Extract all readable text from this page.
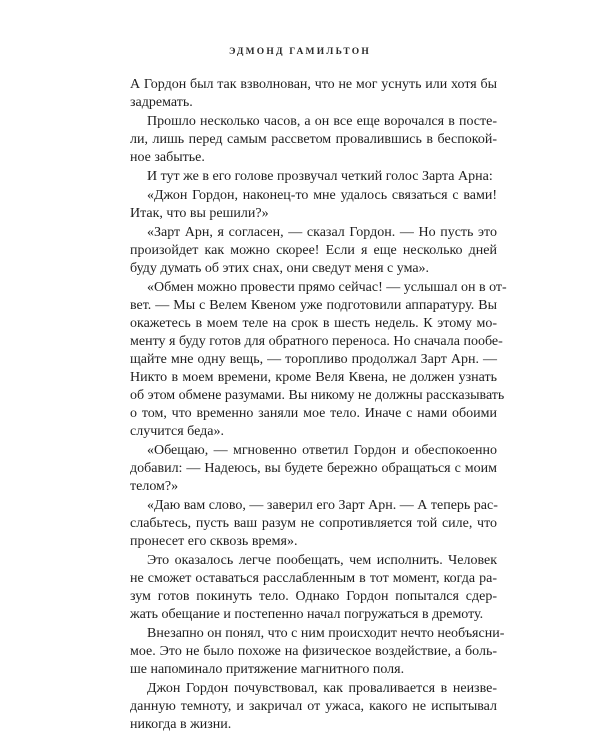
ЭДМОНД ГАМИЛЬТОН

А Гордон был так взволнован, что не мог уснуть или хотя бы
задремать.

Прошло несколько часов, а он все еще ворочался в посте-
ли, лишь перед самым рассветом провалившись в беспокой-
ное забытье.

И тут же в его голове прозвучал четкий голос Зарта Арна:

«Джон Гордон, наконец-то мне удалось связаться с вами!
Итак, что вы решили?»

«Зарт Арн, я согласен, — сказал Гордон. — Но пусть это
произойдет как можно скорее! Если я еще несколько дней
буду думать об этих снах, они сведут меня с ума».

«Обмен можно провести прямо сейчас! — услышал он в от-
вет. — Мы с Велем Квеном уже подготовили аппаратуру. Вы
окажетесь в моем теле на срок в шесть недель. К этому мо-
менту я буду готов для обратного переноса. Но сначала пообе-
щайте мне одну вещь, — торопливо продолжал Зарт Арн. —
Никто в моем времени, кроме Веля Квена, не должен узнать
об этом обмене разумами. Вы никому не должны рассказывать
о том, что временно заняли мое тело. Иначе с нами обоими
случится беда».

«Обещаю, — мгновенно ответил Гордон и обеспокоенно
добавил: — Надеюсь, вы будете бережно обращаться с моим
телом?»

«Даю вам слово, — заверил его Зарт Арн. — А теперь рас-
слабьтесь, пусть ваш разум не сопротивляется той силе, что
пронесет его сквозь время».

Это оказалось легче пообещать, чем исполнить. Человек
не сможет оставаться расслабленным в тот момент, когда ра-
зум готов покинуть тело. Однако Гордон попытался сдер-
жать обещание и постепенно начал погружаться в дремоту.

Внезапно он понял, что с ним происходит нечто необъясни-
мое. Это не было похоже на физическое воздействие, а боль-
ше напоминало притяжение магнитного поля.

Джон Гордон почувствовал, как проваливается в неизве-
данную темноту, и закричал от ужаса, какого не испытывал
никогда в жизни.
